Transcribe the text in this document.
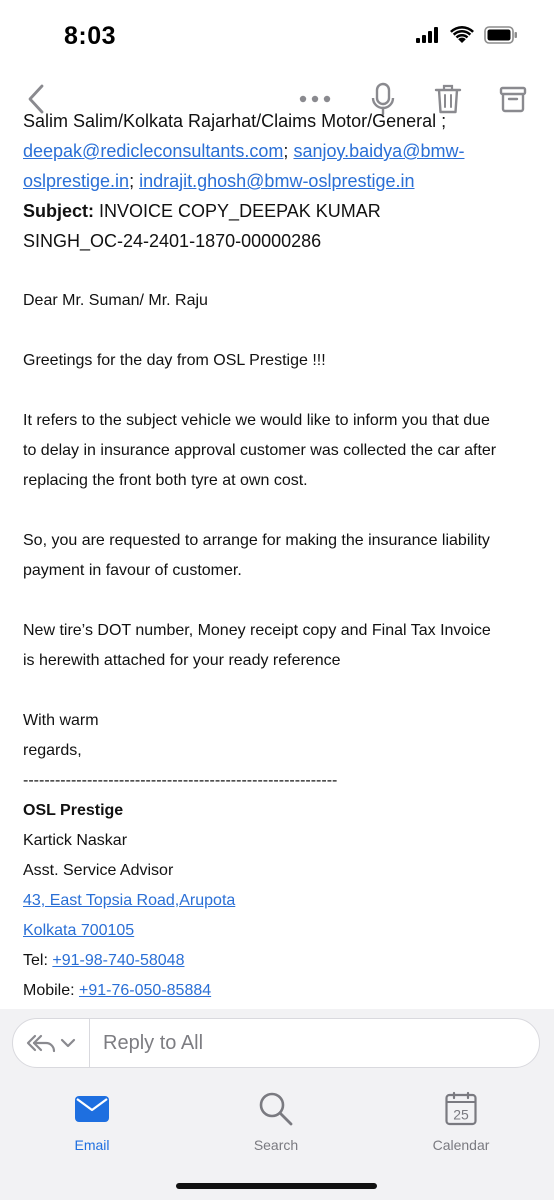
8:03
Salim Salim/Kolkata Rajarhat/Claims Motor/General ;
deepak@redicleconsultants.com; sanjoy.baidya@bmw-
oslprestige.in; indrajit.ghosh@bmw-oslprestige.in
Subject: INVOICE COPY_DEEPAK KUMAR
SINGH_OC-24-2401-1870-00000286
Dear Mr. Suman/ Mr. Raju
Greetings for the day from OSL Prestige !!!
It refers to the subject vehicle we would like to inform you that due
to delay in insurance approval customer was collected the car after
replacing the front both tyre at own cost.
So, you are requested to arrange for making the insurance liability
payment in favour of customer.
New tire’s DOT number, Money receipt copy and Final Tax Invoice
is herewith attached for your ready reference
With warm
regards,
-----------------------------------------------------------
OSL Prestige
Kartick Naskar
Asst. Service Advisor
43, East Topsia Road,Arupota
Kolkata 700105
Tel: +91-98-740-58048
Mobile: +91-76-050-85884
Reply to All
Email	Search
25
Calendar
